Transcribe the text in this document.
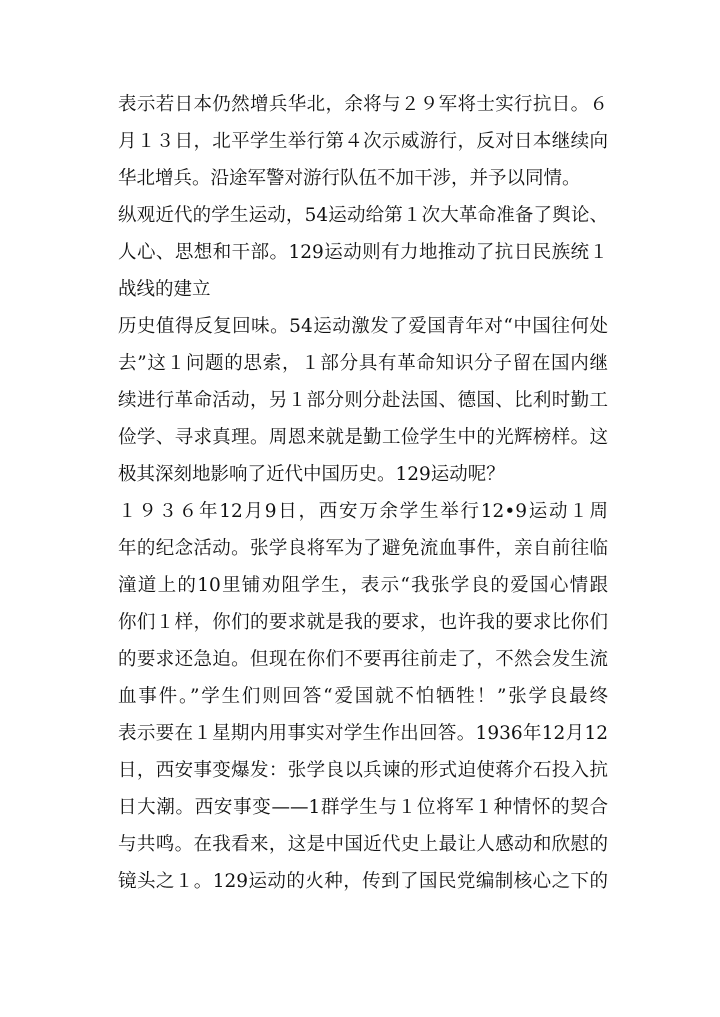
表示若日本仍然增兵华北，余将与２９军将士实行抗日。６
月１３日，北平学生举行第４次示威游行，反对日本继续向
华北增兵。沿途军警对游行队伍不加干涉，并予以同情。
纵观近代的学生运动，54运动给第１次大革命准备了舆论、
人心、思想和干部。129运动则有力地推动了抗日民族统１
战线的建立
历史值得反复回味。54运动激发了爱国青年对“中国往何处
去”这１问题的思索，１部分具有革命知识分子留在国内继
续进行革命活动，另１部分则分赴法国、德国、比利时勤工
俭学、寻求真理。周恩来就是勤工俭学生中的光辉榜样。这
极其深刻地影响了近代中国历史。129运动呢？
１９３６年12月9日，西安万余学生举行12•9运动１周
年的纪念活动。张学良将军为了避免流血事件，亲自前往临
潼道上的10里铺劝阻学生，表示“我张学良的爱国心情跟
你们１样，你们的要求就是我的要求，也许我的要求比你们
的要求还急迫。但现在你们不要再往前走了，不然会发生流
血事件。”学生们则回答“爱国就不怕牺牲！”张学良最终
表示要在１星期内用事实对学生作出回答。1936年12月12
日，西安事变爆发：张学良以兵谏的形式迫使蒋介石投入抗
日大潮。西安事变——1群学生与１位将军１种情怀的契合
与共鸣。在我看来，这是中国近代史上最让人感动和欣慰的
镜头之１。129运动的火种，传到了国民党编制核心之下的
